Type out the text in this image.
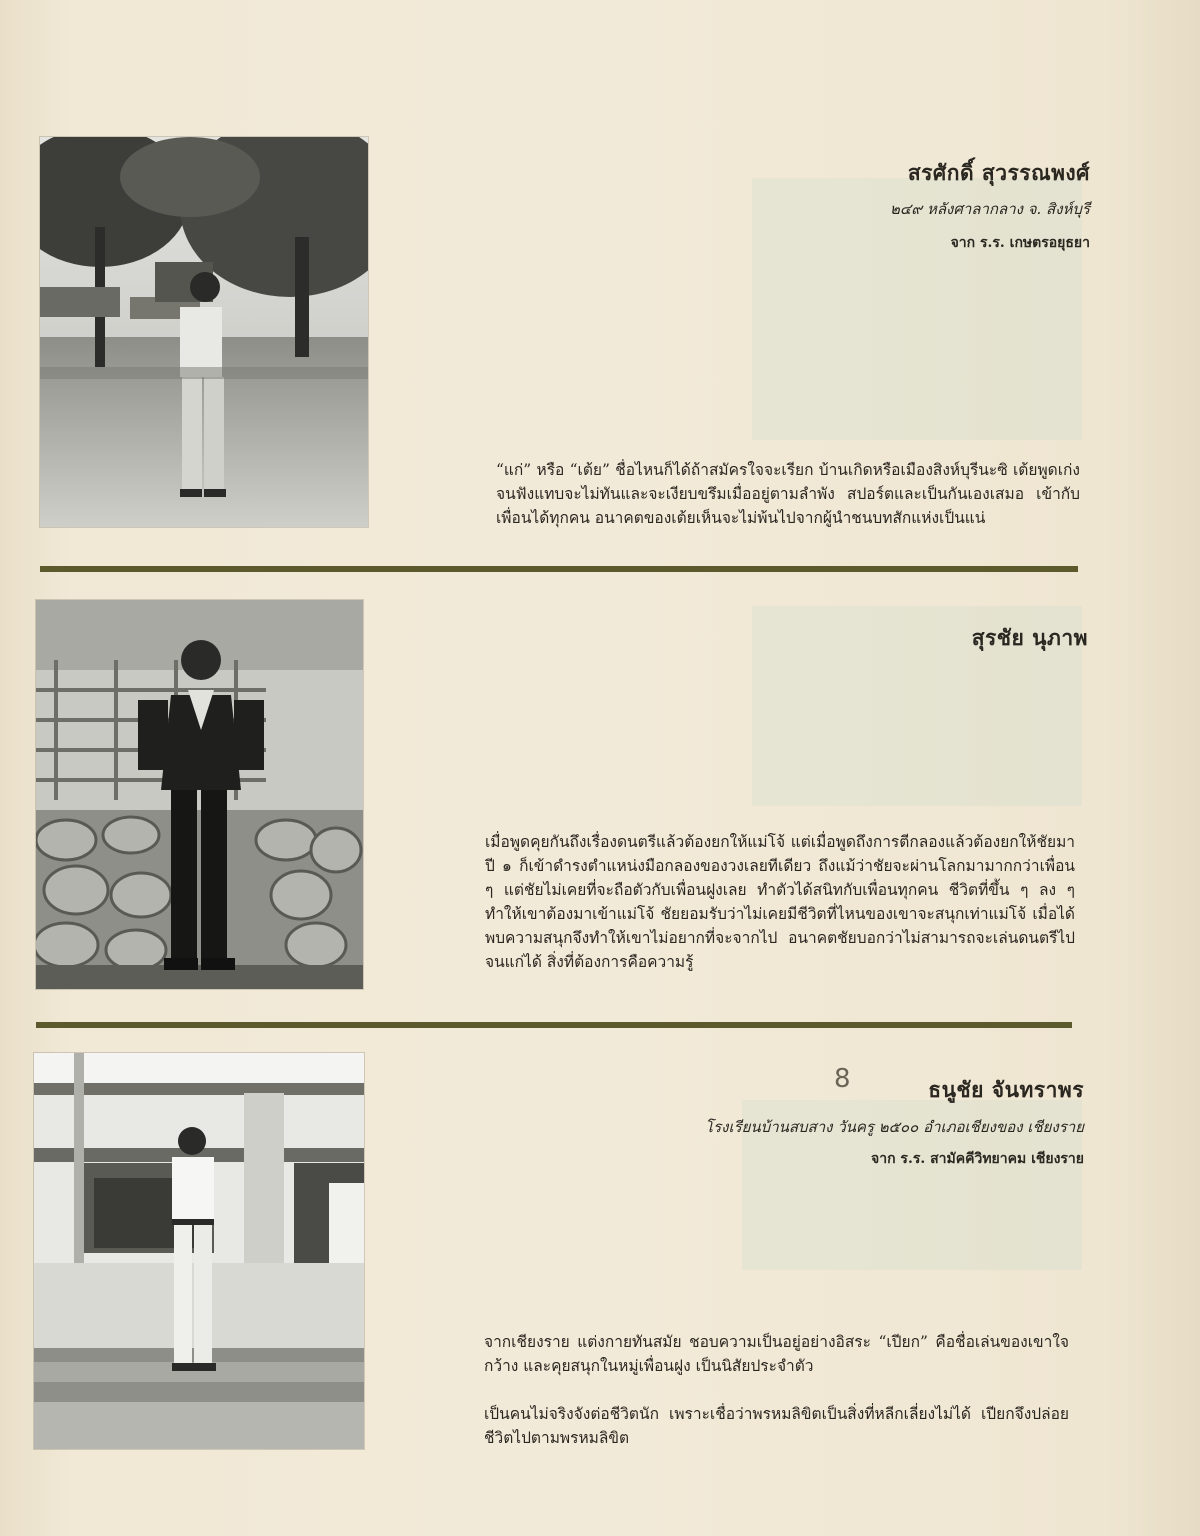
สรศักดิ์ สุวรรณพงศ์
๒๔๙ หลังศาลากลาง จ. สิงห์บุรี
จาก ร.ร. เกษตรอยุธยา

“แก่” หรือ “เต้ย” ชื่อไหนก็ได้ถ้าสมัครใจจะเรียก บ้านเกิดหรือเมืองสิงห์บุรีนะซิ เต้ยพูดเก่งจนฟังแทบจะไม่ทันและจะเงียบขรึมเมื่ออยู่ตามลำพัง สปอร์ตและเป็นกันเองเสมอ เข้ากับเพื่อนได้ทุกคน อนาคตของเต้ยเห็นจะไม่พ้นไปจากผู้นำชนบทสักแห่งเป็นแน่

สุรชัย นุภาพ

เมื่อพูดคุยกันถึงเรื่องดนตรีแล้วต้องยกให้แม่โจ้ แต่เมื่อพูดถึงการตีกลองแล้วต้องยกให้ชัยมาปี ๑ ก็เข้าดำรงตำแหน่งมือกลองของวงเลยทีเดียว ถึงแม้ว่าชัยจะผ่านโลกมามากกว่าเพื่อน ๆ แต่ชัยไม่เคยที่จะถือตัวกับเพื่อนฝูงเลย ทำตัวได้สนิทกับเพื่อนทุกคน ชีวิตที่ขึ้น ๆ ลง ๆ ทำให้เขาต้องมาเข้าแม่โจ้ ชัยยอมรับว่าไม่เคยมีชีวิตที่ไหนของเขาจะสนุกเท่าแม่โจ้ เมื่อได้พบความสนุกจึงทำให้เขาไม่อยากที่จะจากไป อนาคตชัยบอกว่าไม่สามารถจะเล่นดนตรีไปจนแก่ได้ สิ่งที่ต้องการคือความรู้

8	ธนูชัย จันทราพร
โรงเรียนบ้านสบสาง วันครู ๒๕๐๐ อำเภอเชียงของ เชียงราย
จาก ร.ร. สามัคคีวิทยาคม เชียงราย

จากเชียงราย แต่งกายทันสมัย ชอบความเป็นอยู่อย่างอิสระ “เปียก” คือชื่อเล่นของเขาใจกว้าง และคุยสนุกในหมู่เพื่อนฝูง เป็นนิสัยประจำตัว

เป็นคนไม่จริงจังต่อชีวิตนัก เพราะเชื่อว่าพรหมลิขิตเป็นสิ่งที่หลีกเลี่ยงไม่ได้ เปียกจึงปล่อยชีวิตไปตามพรหมลิขิต
